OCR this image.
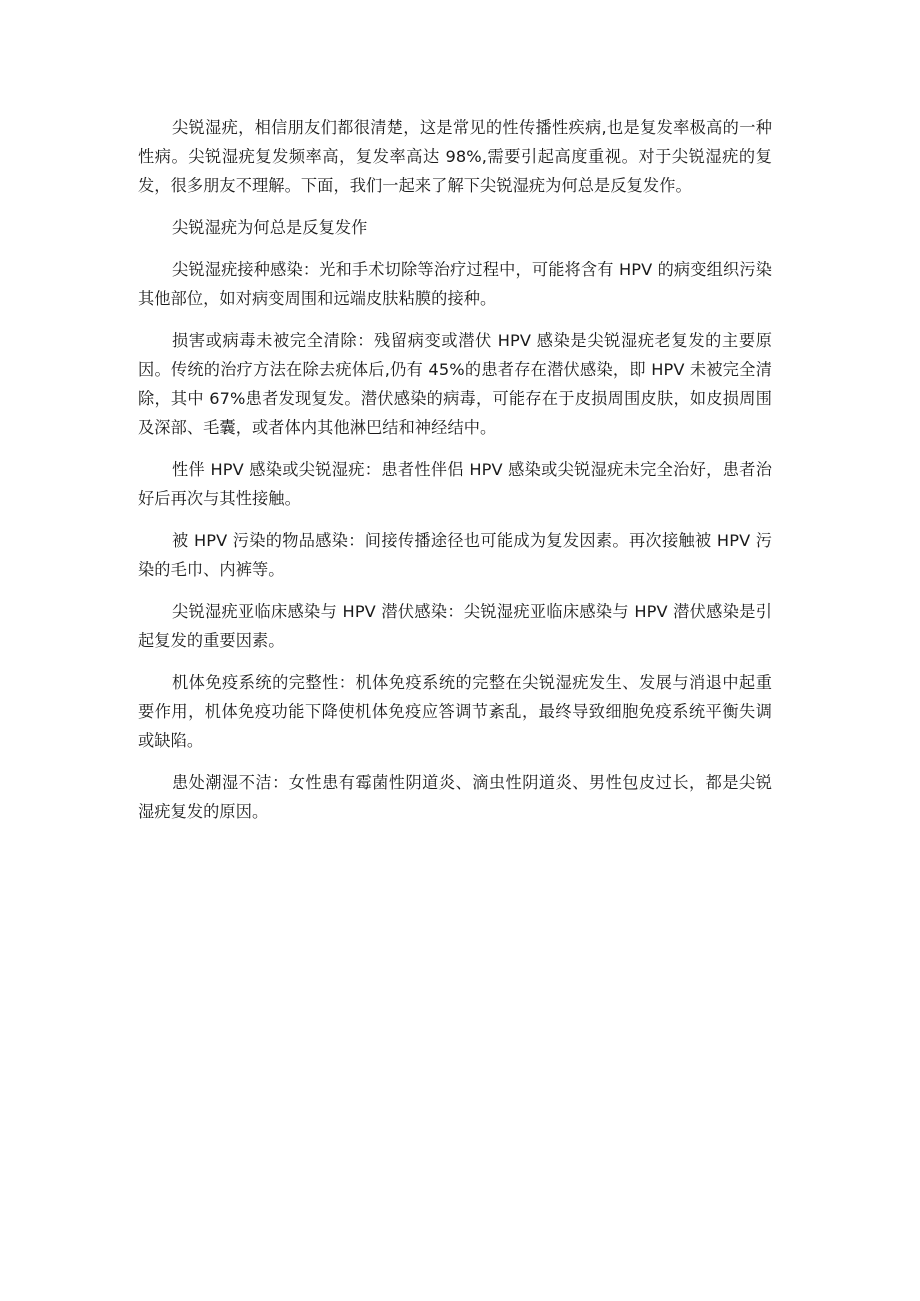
尖锐湿疣，相信朋友们都很清楚，这是常见的性传播性疾病,也是复发率极高的一种性病。尖锐湿疣复发频率高，复发率高达 98%,需要引起高度重视。对于尖锐湿疣的复发，很多朋友不理解。下面，我们一起来了解下尖锐湿疣为何总是反复发作。

尖锐湿疣为何总是反复发作

尖锐湿疣接种感染：光和手术切除等治疗过程中，可能将含有 HPV 的病变组织污染其他部位，如对病变周围和远端皮肤粘膜的接种。

损害或病毒未被完全清除：残留病变或潜伏 HPV 感染是尖锐湿疣老复发的主要原因。传统的治疗方法在除去疣体后,仍有 45%的患者存在潜伏感染，即 HPV 未被完全清除，其中 67%患者发现复发。潜伏感染的病毒，可能存在于皮损周围皮肤，如皮损周围及深部、毛囊，或者体内其他淋巴结和神经结中。

性伴 HPV 感染或尖锐湿疣：患者性伴侣 HPV 感染或尖锐湿疣未完全治好，患者治好后再次与其性接触。

被 HPV 污染的物品感染：间接传播途径也可能成为复发因素。再次接触被 HPV 污染的毛巾、内裤等。

尖锐湿疣亚临床感染与 HPV 潜伏感染：尖锐湿疣亚临床感染与 HPV 潜伏感染是引起复发的重要因素。

机体免疫系统的完整性：机体免疫系统的完整在尖锐湿疣发生、发展与消退中起重要作用，机体免疫功能下降使机体免疫应答调节紊乱，最终导致细胞免疫系统平衡失调或缺陷。

患处潮湿不洁：女性患有霉菌性阴道炎、滴虫性阴道炎、男性包皮过长，都是尖锐湿疣复发的原因。
